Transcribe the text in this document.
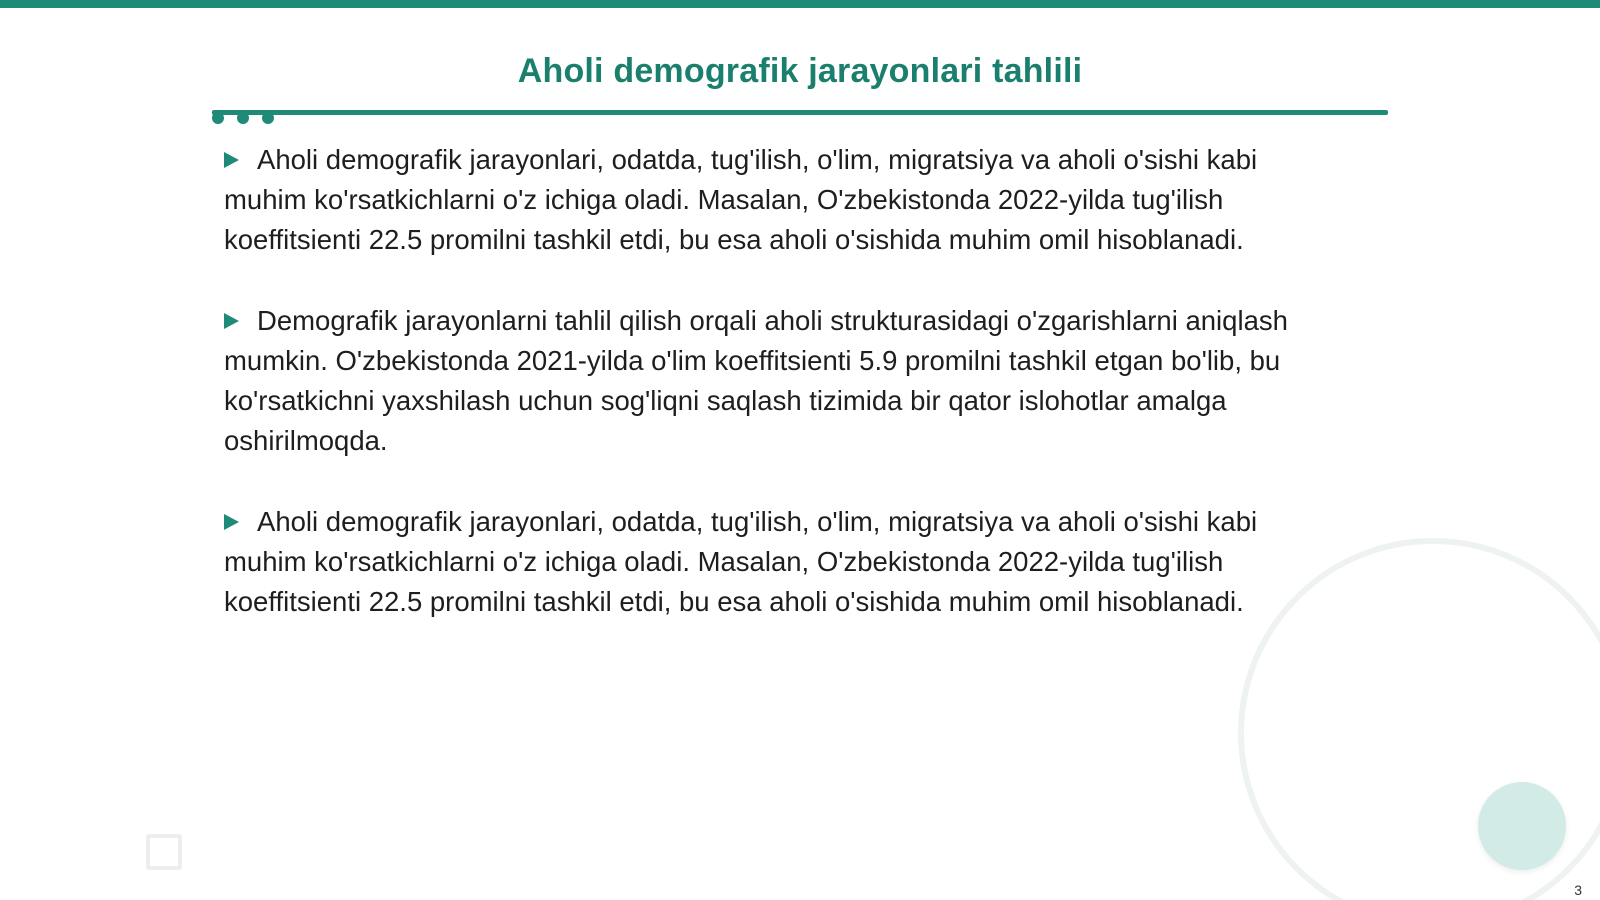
Aholi demografik jarayonlari tahlili

Aholi demografik jarayonlari, odatda, tug'ilish, o'lim, migratsiya va aholi o'sishi kabi muhim ko'rsatkichlarni o'z ichiga oladi. Masalan, O'zbekistonda 2022-yilda tug'ilish koeffitsienti 22.5 promilni tashkil etdi, bu esa aholi o'sishida muhim omil hisoblanadi.

Demografik jarayonlarni tahlil qilish orqali aholi strukturasidagi o'zgarishlarni aniqlash mumkin. O'zbekistonda 2021-yilda o'lim koeffitsienti 5.9 promilni tashkil etgan bo'lib, bu ko'rsatkichni yaxshilash uchun sog'liqni saqlash tizimida bir qator islohotlar amalga oshirilmoqda.

Aholi demografik jarayonlari, odatda, tug'ilish, o'lim, migratsiya va aholi o'sishi kabi muhim ko'rsatkichlarni o'z ichiga oladi. Masalan, O'zbekistonda 2022-yilda tug'ilish koeffitsienti 22.5 promilni tashkil etdi, bu esa aholi o'sishida muhim omil hisoblanadi.

3
